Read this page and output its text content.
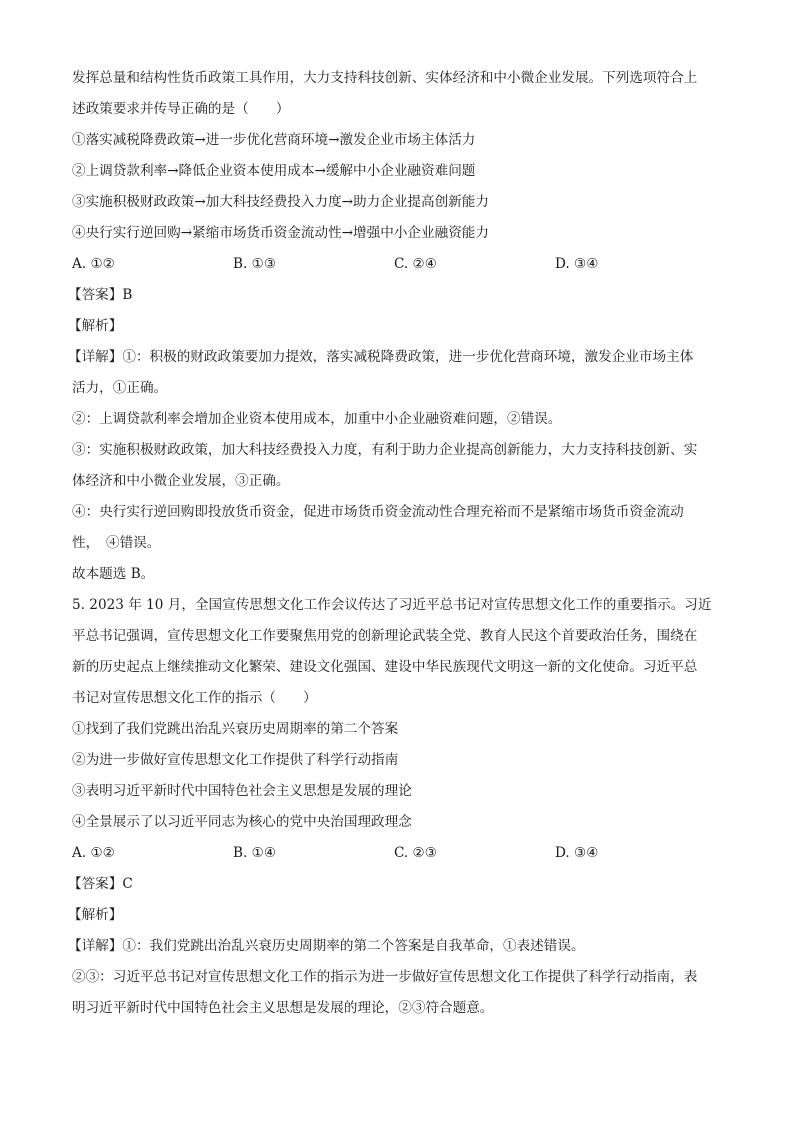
发挥总量和结构性货币政策工具作用，大力支持科技创新、实体经济和中小微企业发展。下列选项符合上
述政策要求并传导正确的是（　　）
①落实减税降费政策→进一步优化营商环境→激发企业市场主体活力
②上调贷款利率→降低企业资本使用成本→缓解中小企业融资难问题
③实施积极财政政策→加大科技经费投入力度→助力企业提高创新能力
④央行实行逆回购→紧缩市场货币资金流动性→增强中小企业融资能力
A. ①②	B. ①③	C. ②④	D. ③④
【答案】B
【解析】
【详解】①：积极的财政政策要加力提效，落实减税降费政策，进一步优化营商环境，激发企业市场主体
活力，①正确。
②：上调贷款利率会增加企业资本使用成本，加重中小企业融资难问题，②错误。
③：实施积极财政政策，加大科技经费投入力度，有利于助力企业提高创新能力，大力支持科技创新、实
体经济和中小微企业发展，③正确。
④：央行实行逆回购即投放货币资金，促进市场货币资金流动性合理充裕而不是紧缩市场货币资金流动
性，　④错误。
故本题选 B。
5. 2023 年 10 月，全国宣传思想文化工作会议传达了习近平总书记对宣传思想文化工作的重要指示。习近
平总书记强调，宣传思想文化工作要聚焦用党的创新理论武装全党、教育人民这个首要政治任务，围绕在
新的历史起点上继续推动文化繁荣、建设文化强国、建设中华民族现代文明这一新的文化使命。习近平总
书记对宣传思想文化工作的指示（　　）
①找到了我们党跳出治乱兴衰历史周期率的第二个答案
②为进一步做好宣传思想文化工作提供了科学行动指南
③表明习近平新时代中国特色社会主义思想是发展的理论
④全景展示了以习近平同志为核心的党中央治国理政理念
A. ①②	B. ①④	C. ②③	D. ③④
【答案】C
【解析】
【详解】①：我们党跳出治乱兴衰历史周期率的第二个答案是自我革命，①表述错误。
②③：习近平总书记对宣传思想文化工作的指示为进一步做好宣传思想文化工作提供了科学行动指南，表
明习近平新时代中国特色社会主义思想是发展的理论，②③符合题意。
